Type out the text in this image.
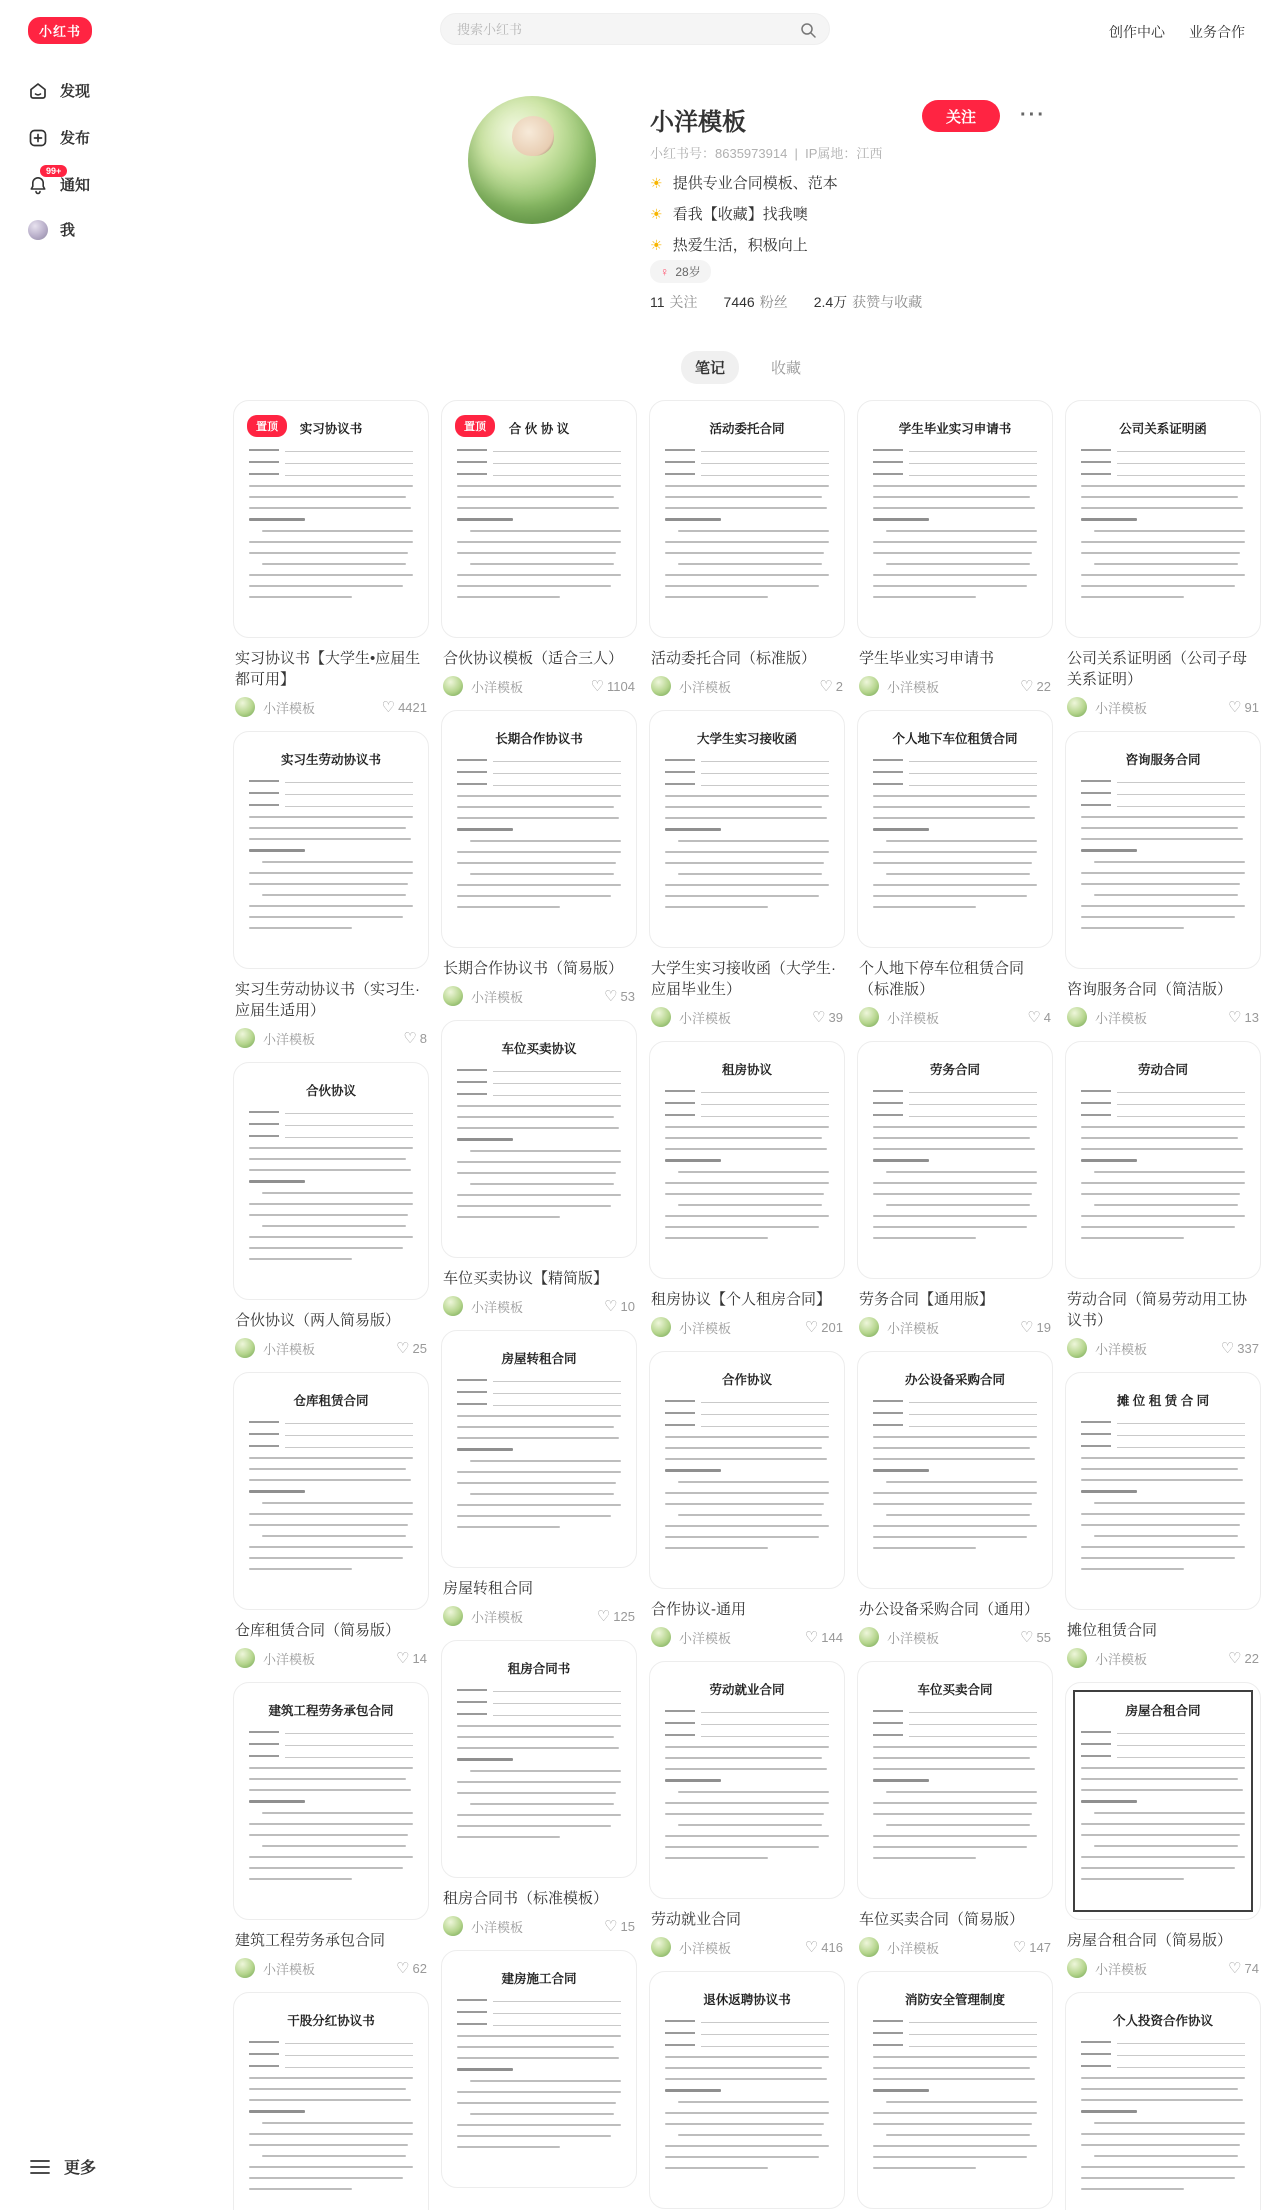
小红书
搜索小红书	创作中心 业务合作
发现
发布
99+
通知
我
更多
小洋模板
小红书号：8635973914  |  IP属地：江西
☀ 提供专业合同模板、范本
☀ 看我【收藏】找我噢
☀ 热爱生活，积极向上
♀ 28岁
11 关注 7446 粉丝 2.4万 获赞与收藏
关注	···
笔记	收藏
置顶	实习协议书
实习协议书【大学生•应届生都可用】
小洋模板	♡ 4421
实习生劳动协议书
实习生劳动协议书（实习生·应届生适用）
小洋模板	♡ 8
合伙协议
合伙协议（两人简易版）
小洋模板	♡ 25
仓库租赁合同
仓库租赁合同（简易版）
小洋模板	♡ 14
建筑工程劳务承包合同
建筑工程劳务承包合同
小洋模板	♡ 62
干股分红协议书
置顶	合 伙 协 议
合伙协议模板（适合三人）
小洋模板	♡ 1104
长期合作协议书
长期合作协议书（简易版）
小洋模板	♡ 53
车位买卖协议
车位买卖协议【精简版】
小洋模板	♡ 10
房屋转租合同
房屋转租合同
小洋模板	♡ 125
租房合同书
租房合同书（标准模板）
小洋模板	♡ 15
建房施工合同
活动委托合同
活动委托合同（标准版）
小洋模板	♡ 2
大学生实习接收函
大学生实习接收函（大学生·应届毕业生）
小洋模板	♡ 39
租房协议
租房协议【个人租房合同】
小洋模板	♡ 201
合作协议
合作协议-通用
小洋模板	♡ 144
劳动就业合同
劳动就业合同
小洋模板	♡ 416
退休返聘协议书
学生毕业实习申请书
学生毕业实习申请书
小洋模板	♡ 22
个人地下车位租赁合同
个人地下停车位租赁合同（标准版）
小洋模板	♡ 4
劳务合同
劳务合同【通用版】
小洋模板	♡ 19
办公设备采购合同
办公设备采购合同（通用）
小洋模板	♡ 55
车位买卖合同
车位买卖合同（简易版）
小洋模板	♡ 147
消防安全管理制度
公司关系证明函
公司关系证明函（公司子母关系证明）
小洋模板	♡ 91
咨询服务合同
咨询服务合同（简洁版）
小洋模板	♡ 13
劳动合同
劳动合同（简易劳动用工协议书）
小洋模板	♡ 337
摊 位 租 赁 合 同
摊位租赁合同
小洋模板	♡ 22
房屋合租合同
房屋合租合同（简易版）
小洋模板	♡ 74
个人投资合作协议
